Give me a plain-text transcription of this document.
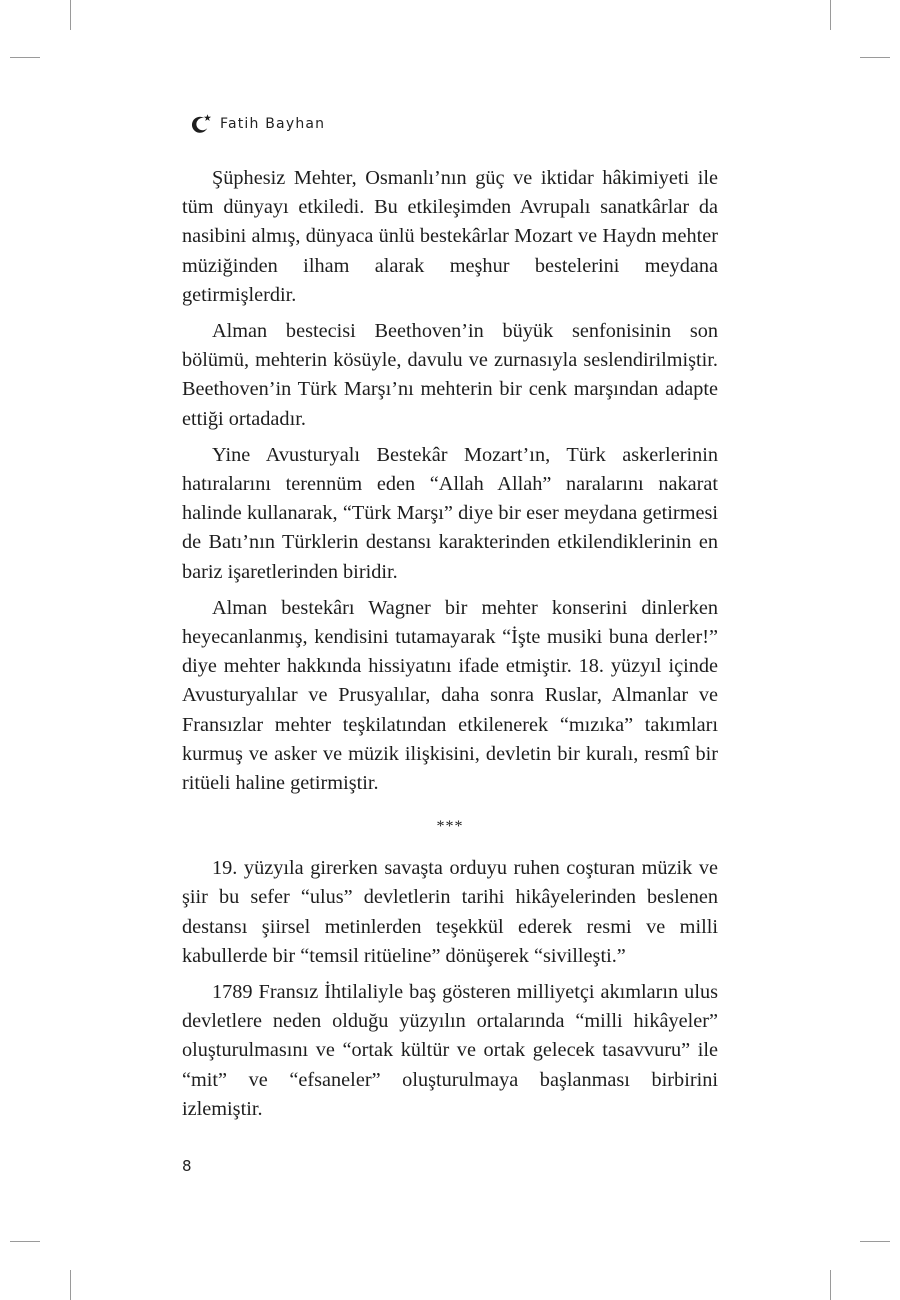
Fatih Bayhan

Şüphesiz Mehter, Osmanlı’nın güç ve iktidar hâkimiyeti ile tüm dünyayı etkiledi. Bu etkileşimden Avrupalı sanatkârlar da nasibini almış, dünyaca ünlü bestekârlar Mozart ve Haydn mehter müziğinden ilham alarak meşhur bestelerini meydana getirmişlerdir.

Alman bestecisi Beethoven’in büyük senfonisinin son bölümü, mehterin kösüyle, davulu ve zurnasıyla seslendirilmiştir. Beethoven’in Türk Marşı’nı mehterin bir cenk marşından adapte ettiği ortadadır.

Yine Avusturyalı Bestekâr Mozart’ın, Türk askerlerinin hatıralarını terennüm eden “Allah Allah” naralarını nakarat halinde kullanarak, “Türk Marşı” diye bir eser meydana getirmesi de Batı’nın Türklerin destansı karakterinden etkilendiklerinin en bariz işaretlerinden biridir.

Alman bestekârı Wagner bir mehter konserini dinlerken heyecanlanmış, kendisini tutamayarak “İşte musiki buna derler!” diye mehter hakkında hissiyatını ifade etmiştir. 18. yüzyıl içinde Avusturyalılar ve Prusyalılar, daha sonra Ruslar, Almanlar ve Fransızlar mehter teşkilatından etkilenerek “mızıka” takımları kurmuş ve asker ve müzik ilişkisini, devletin bir kuralı, resmî bir ritüeli haline getirmiştir.

***

19. yüzyıla girerken savaşta orduyu ruhen coşturan müzik ve şiir bu sefer “ulus” devletlerin tarihi hikâyelerinden beslenen destansı şiirsel metinlerden teşekkül ederek resmi ve milli kabullerde bir “temsil ritüeline” dönüşerek “sivilleşti.”

1789 Fransız İhtilaliyle baş gösteren milliyetçi akımların ulus devletlere neden olduğu yüzyılın ortalarında “milli hikâyeler” oluşturulmasını ve “ortak kültür ve ortak gelecek tasavvuru” ile “mit” ve “efsaneler” oluşturulmaya başlanması birbirini izlemiştir.

8
